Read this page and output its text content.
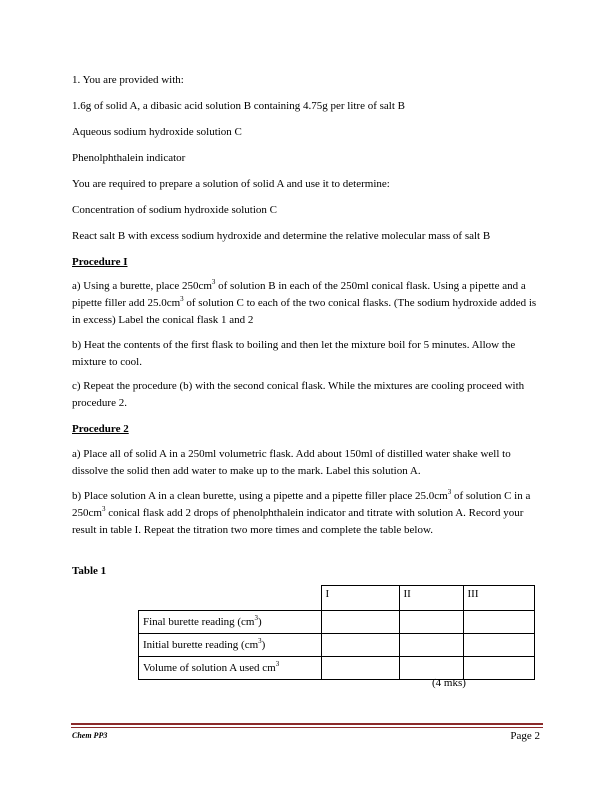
1. You are provided with:

1.6g of solid A, a dibasic acid solution B containing 4.75g per litre of salt B

Aqueous sodium hydroxide solution C

Phenolphthalein indicator

You are required to prepare a solution of solid A and use it to determine:

Concentration of sodium hydroxide solution C

React salt B with excess sodium hydroxide and determine the relative molecular mass of salt B

Procedure I

a) Using a burette, place $250cm^3$ of solution B in each of the 250ml conical flask. Using a pipette and a pipette filler add $25.0cm^3$ of solution C to each of the two conical flasks. (The sodium hydroxide added is in excess) Label the conical flask 1 and 2

b) Heat the contents of the first flask to boiling and then let the mixture boil for 5 minutes. Allow the mixture to cool.

c) Repeat the procedure (b) with the second conical flask. While the mixtures are cooling proceed with procedure 2.

Procedure 2

a) Place all of solid A in a 250ml volumetric flask. Add about 150ml of distilled water shake well to dissolve the solid then add water to make up to the mark. Label this solution A.

b) Place solution A in a clean burette, using a pipette and a pipette filler place $25.0cm^3$ of solution C in a $250cm^3$ conical flask add 2 drops of phenolphthalein indicator and titrate with solution A. Record your result in table I. Repeat the titration two more times and complete the table below.

Table 1

	I	II	III
Final burette reading $(cm^3)$			
Initial burette reading $(cm^3)$			
Volume of solution A used $cm^3$			
(4 mks)
Chem PP3	Page 2
